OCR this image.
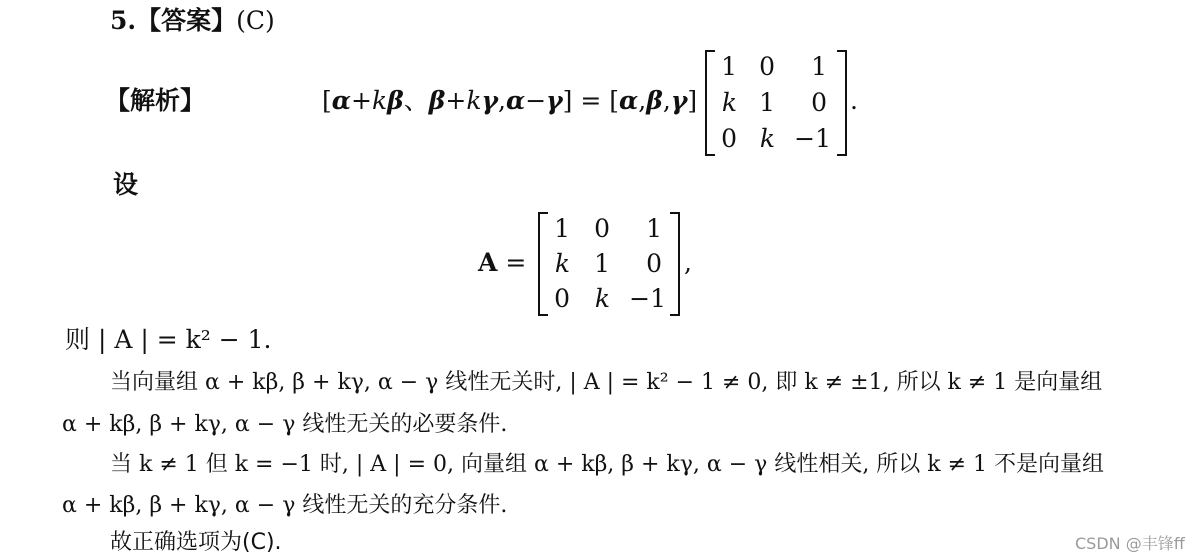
5.【答案】(C)
【解析】	[α+kβ、β+kγ,α−γ] = [α,β,γ]
1 0	1
k 1	0
0 k −1
.
设
A =
1 0	1
k 1	0
0 k −1
,
则 | A | = k² − 1.
当向量组 α + kβ, β + kγ, α − γ 线性无关时, | A | = k² − 1 ≠ 0, 即 k ≠ ±1, 所以 k ≠ 1 是向量组
α + kβ, β + kγ, α − γ 线性无关的必要条件.
当 k ≠ 1 但 k = −1 时, | A | = 0, 向量组 α + kβ, β + kγ, α − γ 线性相关, 所以 k ≠ 1 不是向量组
α + kβ, β + kγ, α − γ 线性无关的充分条件.
故正确选项为(C).	CSDN @丰锋ff
